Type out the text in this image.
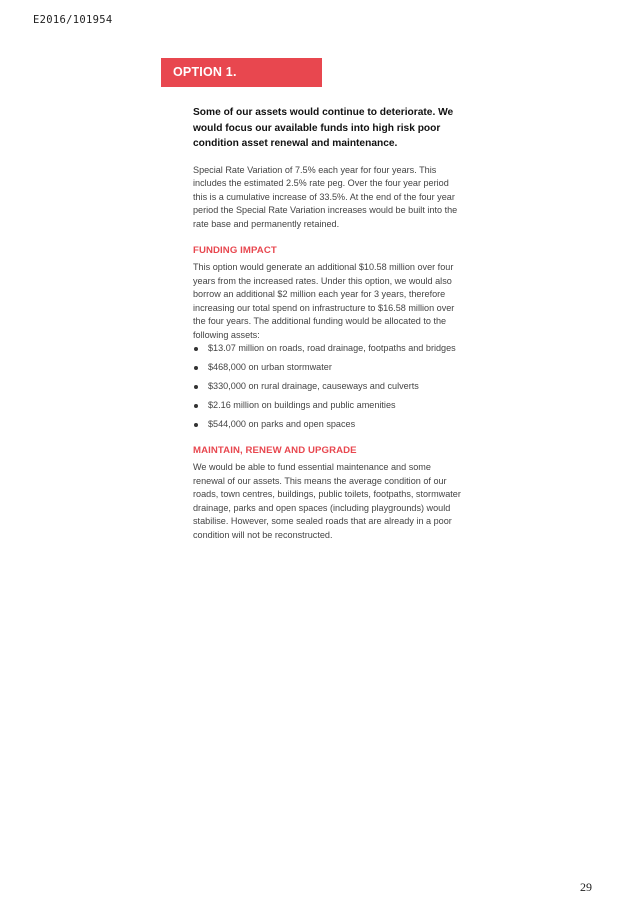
E2016/101954
OPTION 1. DETERIORATE

Some of our assets would continue to deteriorate. We would focus our available funds into high risk poor condition asset renewal and maintenance.

Special Rate Variation of 7.5% each year for four years. This includes the estimated 2.5% rate peg. Over the four year period this is a cumulative increase of 33.5%. At the end of the four year period the Special Rate Variation increases would be built into the rate base and permanently retained.

FUNDING IMPACT

This option would generate an additional $10.58 million over four years from the increased rates. Under this option, we would also borrow an additional $2 million each year for 3 years, therefore increasing our total spend on infrastructure to $16.58 million over the four years. The additional funding would be allocated to the following assets:

$13.07 million on roads, road drainage, footpaths and bridges
$468,000 on urban stormwater
$330,000 on rural drainage, causeways and culverts
$2.16 million on buildings and public amenities
$544,000 on parks and open spaces
MAINTAIN, RENEW AND UPGRADE

We would be able to fund essential maintenance and some renewal of our assets. This means the average condition of our roads, town centres, buildings, public toilets, footpaths, stormwater drainage, parks and open spaces (including playgrounds) would stabilise. However, some sealed roads that are already in a poor condition will not be reconstructed.

29
